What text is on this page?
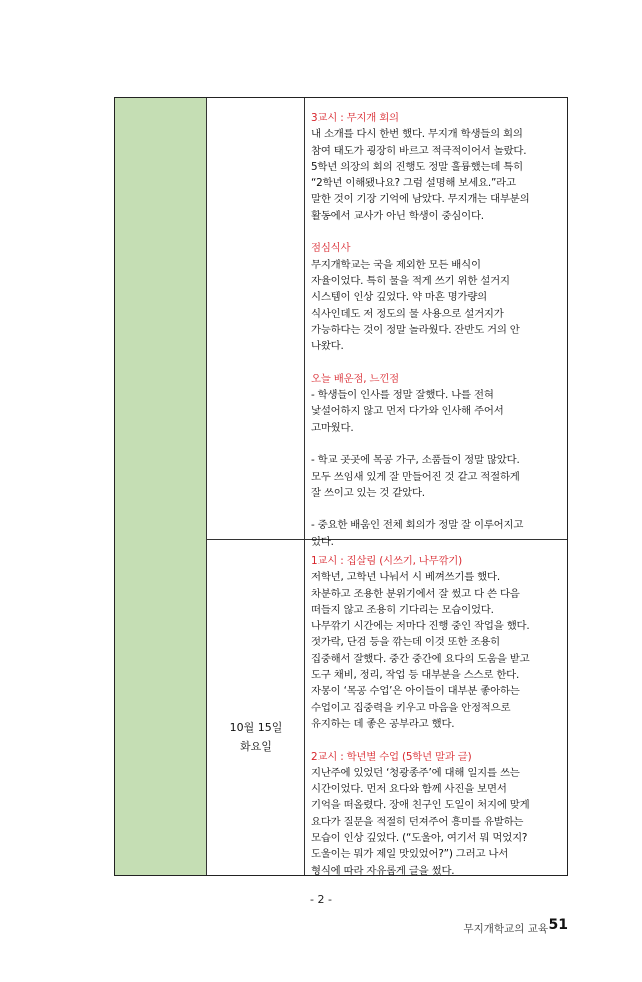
10월 15일
화요일
3교시 : 무지개 회의
내 소개를 다시 한번 했다. 무지개 학생들의 회의
참여 태도가 굉장히 바르고 적극적이어서 놀랐다.
5학년 의장의 회의 진행도 정말 훌륭했는데 특히
“2학년 이해됐나요? 그럼 설명해 보세요.”라고
말한 것이 기장 기억에 남았다. 무지개는 대부분의
활동에서 교사가 아닌 학생이 중심이다.
점심식사
무지개학교는 국을 제외한 모든 배식이
자율이었다. 특히 물을 적게 쓰기 위한 설거지
시스템이 인상 깊었다. 약 마흔 명가량의
식사인데도 저 정도의 물 사용으로 설거지가
가능하다는 것이 정말 놀라웠다. 잔반도 거의 안
나왔다.
오늘 배운점, 느낀점
- 학생들이 인사를 정말 잘했다. 나를 전혀
낯설어하지 않고 먼저 다가와 인사해 주어서
고마웠다.
- 학교 곳곳에 목공 가구, 소품들이 정말 많았다.
모두 쓰임새 있게 잘 만들어진 것 같고 적절하게
잘 쓰이고 있는 것 같았다.
- 중요한 배움인 전체 회의가 정말 잘 이루어지고
있다.
1교시 : 집살림 (시쓰기, 나무깎기)
저학년, 고학년 나눠서 시 베껴쓰기를 했다.
차분하고 조용한 분위기에서 잘 썼고 다 쓴 다음
떠들지 않고 조용히 기다리는 모습이었다.
나무깎기 시간에는 저마다 진행 중인 작업을 했다.
젓가락, 단검 등을 깎는데 이것 또한 조용히
집중해서 잘했다. 중간 중간에 요다의 도움을 받고
도구 채비, 정리, 작업 등 대부분을 스스로 한다.
자몽이 ‘목공 수업’은 아이들이 대부분 좋아하는
수업이고 집중력을 키우고 마음을 안정적으로
유지하는 데 좋은 공부라고 했다.
2교시 : 학년별 수업 (5학년 말과 글)
지난주에 있었던 ‘청광종주’에 대해 일지를 쓰는
시간이었다. 먼저 요다와 함께 사진을 보면서
기억을 떠올렸다. 장애 친구인 도일이 처지에 맞게
요다가 질문을 적절히 던져주어 흥미를 유발하는
모습이 인상 깊었다. (“도울아, 여기서 뭐 먹었지?
도울이는 뭐가 제일 맛있었어?”) 그러고 나서
형식에 따라 자유롭게 글을 썼다.
- 2 -
무지개학교의 교육 51
